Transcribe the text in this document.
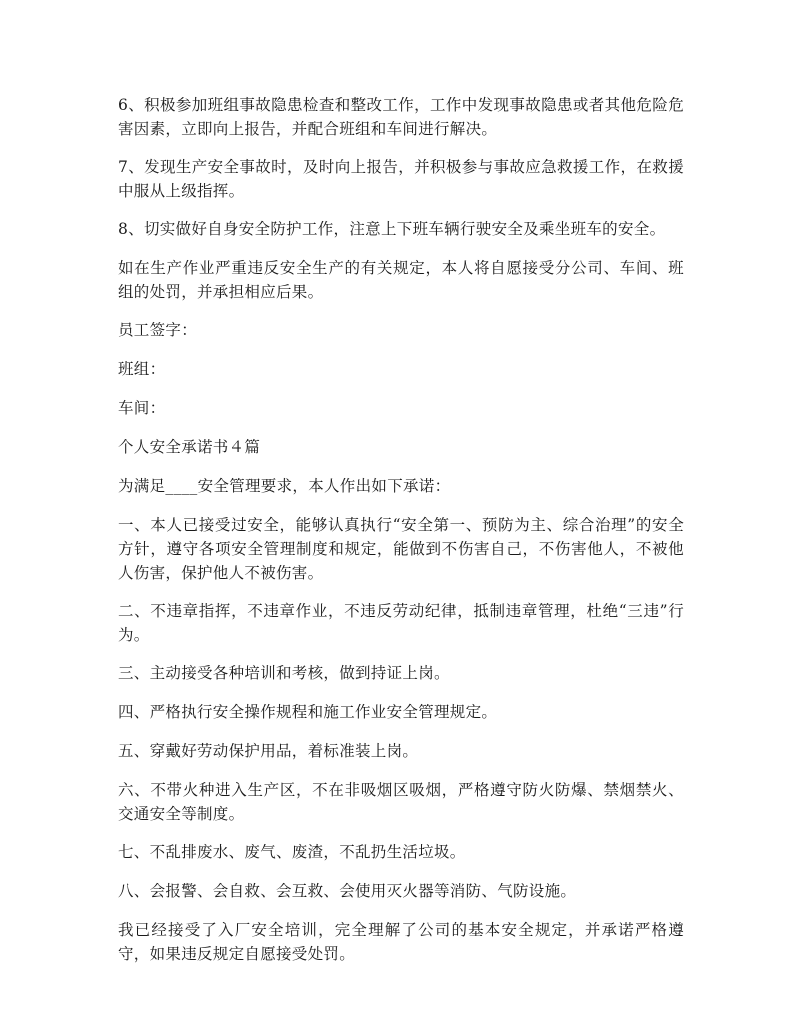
6、积极参加班组事故隐患检查和整改工作，工作中发现事故隐患或者其他危险危害因素，立即向上报告，并配合班组和车间进行解决。

7、发现生产安全事故时，及时向上报告，并积极参与事故应急救援工作，在救援中服从上级指挥。

8、切实做好自身安全防护工作，注意上下班车辆行驶安全及乘坐班车的安全。

如在生产作业严重违反安全生产的有关规定，本人将自愿接受分公司、车间、班组的处罚，并承担相应后果。

员工签字：

班组：

车间：

个人安全承诺书４篇

为满足____安全管理要求，本人作出如下承诺：

一、本人已接受过安全，能够认真执行“安全第一、预防为主、综合治理”的安全方针，遵守各项安全管理制度和规定，能做到不伤害自己，不伤害他人，不被他人伤害，保护他人不被伤害。

二、不违章指挥，不违章作业，不违反劳动纪律，抵制违章管理，杜绝“三违”行为。

三、主动接受各种培训和考核，做到持证上岗。

四、严格执行安全操作规程和施工作业安全管理规定。

五、穿戴好劳动保护用品，着标准装上岗。

六、不带火种进入生产区，不在非吸烟区吸烟，严格遵守防火防爆、禁烟禁火、交通安全等制度。

七、不乱排废水、废气、废渣，不乱扔生活垃圾。

八、会报警、会自救、会互救、会使用灭火器等消防、气防设施。

我已经接受了入厂安全培训，完全理解了公司的基本安全规定，并承诺严格遵守，如果违反规定自愿接受处罚。
